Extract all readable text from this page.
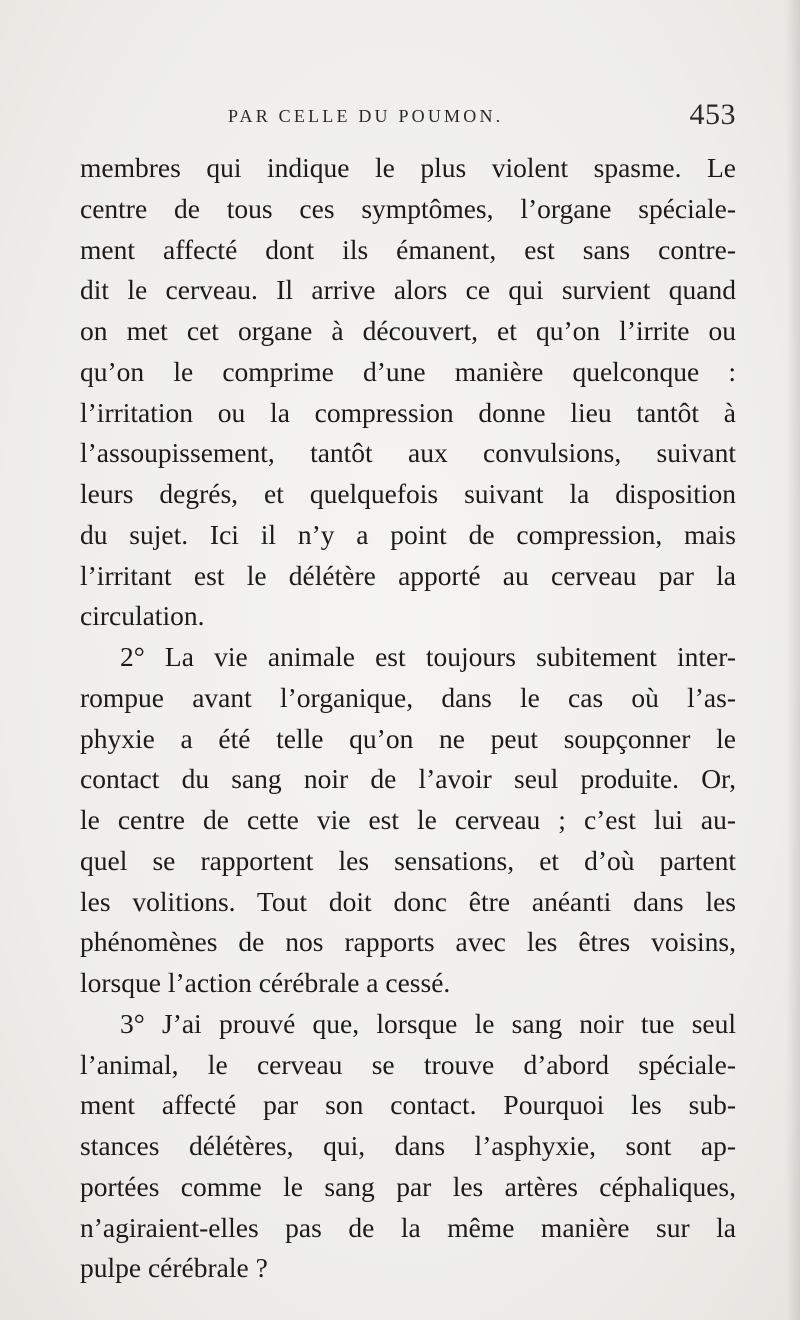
PAR CELLE DU POUMON.	453
membres qui indique le plus violent spasme. Le
centre de tous ces symptômes, l’organe spéciale-
ment affecté dont ils émanent, est sans contre-
dit le cerveau. Il arrive alors ce qui survient quand
on met cet organe à découvert, et qu’on l’irrite ou
qu’on le comprime d’une manière quelconque :
l’irritation ou la compression donne lieu tantôt à
l’assoupissement, tantôt aux convulsions, suivant
leurs degrés, et quelquefois suivant la disposition
du sujet. Ici il n’y a point de compression, mais
l’irritant est le délétère apporté au cerveau par la
circulation.
2° La vie animale est toujours subitement inter-
rompue avant l’organique, dans le cas où l’as-
phyxie a été telle qu’on ne peut soupçonner le
contact du sang noir de l’avoir seul produite. Or,
le centre de cette vie est le cerveau ; c’est lui au-
quel se rapportent les sensations, et d’où partent
les volitions. Tout doit donc être anéanti dans les
phénomènes de nos rapports avec les êtres voisins,
lorsque l’action cérébrale a cessé.
3° J’ai prouvé que, lorsque le sang noir tue seul
l’animal, le cerveau se trouve d’abord spéciale-
ment affecté par son contact. Pourquoi les sub-
stances délétères, qui, dans l’asphyxie, sont ap-
portées comme le sang par les artères céphaliques,
n’agiraient-elles pas de la même manière sur la
pulpe cérébrale ?
